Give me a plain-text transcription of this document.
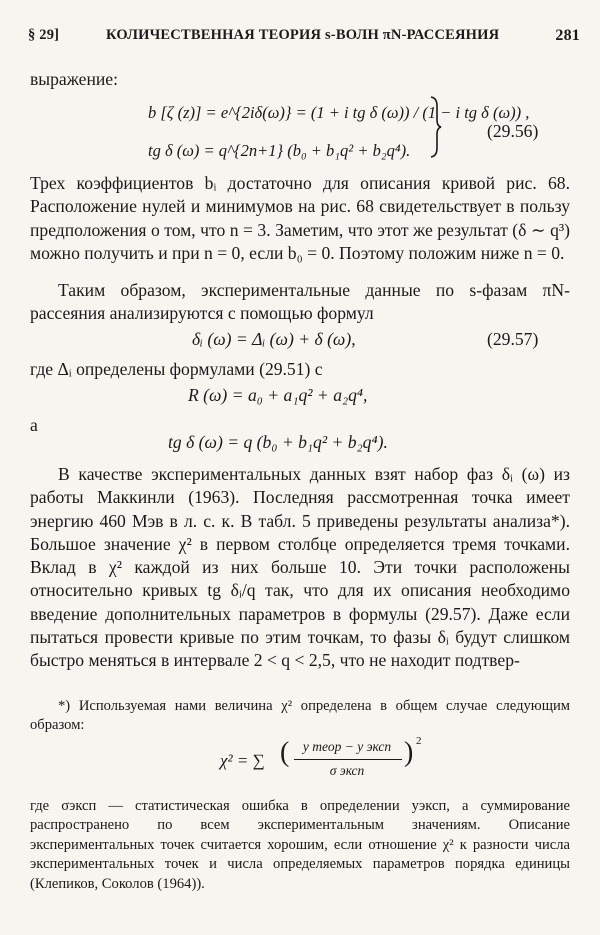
§ 29]	КОЛИЧЕСТВЕННАЯ ТЕОРИЯ s-ВОЛН πN-РАССЕЯНИЯ	281
выражение:
b [ζ (z)] = e^{2iδ(ω)} = (1 + i tg δ (ω)) / (1 − i tg δ (ω)) ,
tg δ (ω) = q^{2n+1} (b₀ + b₁q² + b₂q⁴).
(29.56)

Трех коэффициентов bᵢ достаточно для описания кривой рис. 68. Расположение нулей и минимумов на рис. 68 свидетельствует в пользу предположения о том, что n = 3. Заметим, что этот же результат (δ ∼ q³) можно получить и при n = 0, если b₀ = 0. Поэтому положим ниже n = 0.

Таким образом, экспериментальные данные по s-фазам πN-рассеяния анализируются с помощью формул

δᵢ (ω) = Δᵢ (ω) + δ (ω),	(29.57)
где Δᵢ определены формулами (29.51) с
R (ω) = a₀ + a₁q² + a₂q⁴,
а
tg δ (ω) = q (b₀ + b₁q² + b₂q⁴).

В качестве экспериментальных данных взят набор фаз δᵢ (ω) из работы Маккинли (1963). Последняя рассмотренная точка имеет энергию 460 Мэв в л. с. к. В табл. 5 приведены результаты анализа*). Большое значение χ² в первом столбце определяется тремя точками. Вклад в χ² каждой из них больше 10. Эти точки расположены относительно кривых tg δᵢ/q так, что для их описания необходимо введение дополнительных параметров в формулы (29.57). Даже если пытаться провести кривые по этим точкам, то фазы δᵢ будут слишком быстро меняться в интервале 2 < q < 2,5, что не находит подтвер-

*) Используемая нами величина χ² определена в общем случае следующим образом:

χ² = ∑ (	y теор − y эксп
σ эксп
) 2

где σэксп — статистическая ошибка в определении yэксп, а суммирование распространено по всем экспериментальным значениям. Описание экспериментальных точек считается хорошим, если отношение χ² к разности числа экспериментальных точек и числа определяемых параметров порядка единицы (Клепиков, Соколов (1964)).
